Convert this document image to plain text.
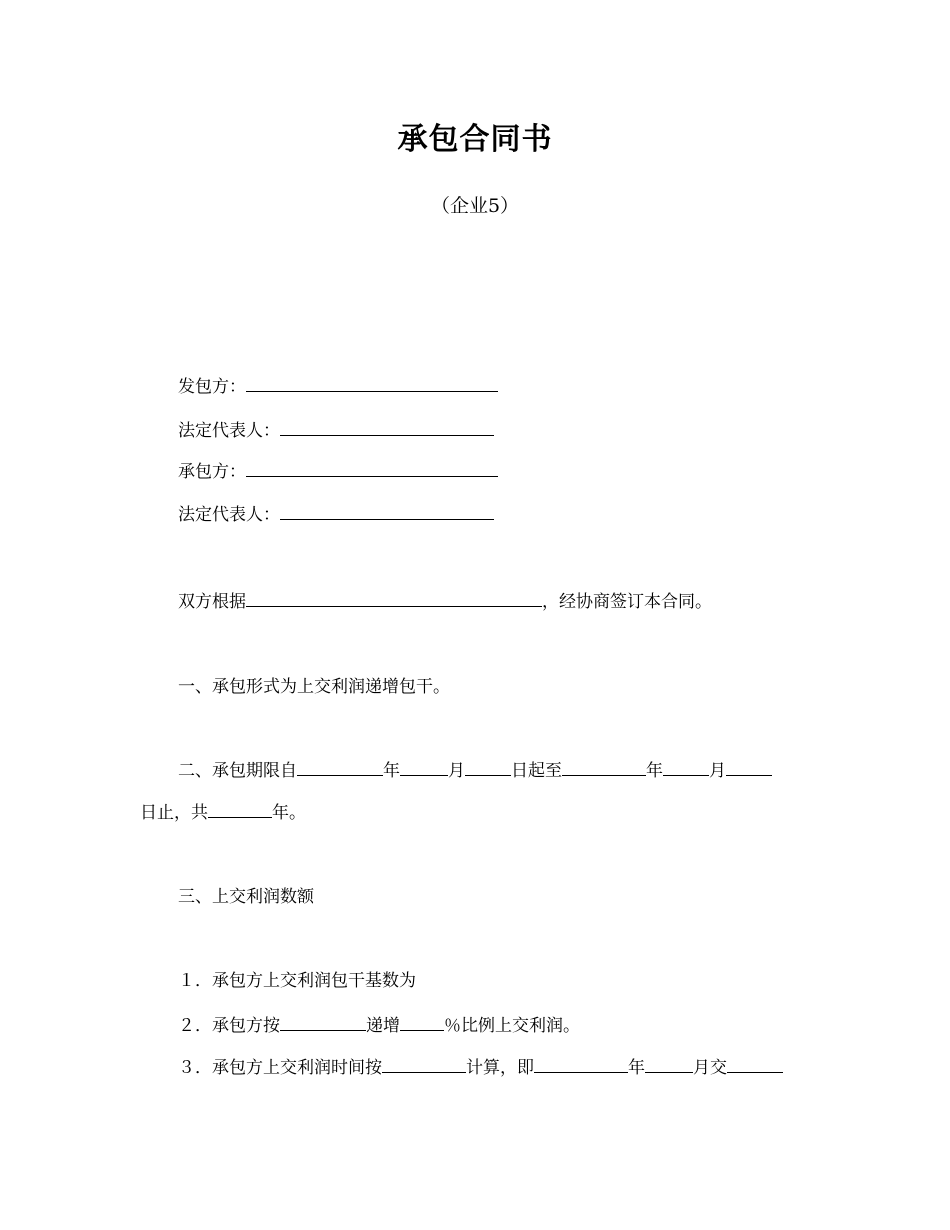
承包合同书
（企业5）
发包方：
法定代表人：
承包方：
法定代表人：
双方根据	，经协商签订本合同。
一、承包形式为上交利润递增包干。
二、承包期限自	年	月	日起至	年	月
日止，共	年。
三、上交利润数额
１．承包方上交利润包干基数为
２．承包方按	递增	％比例上交利润。
３．承包方上交利润时间按	计算，即	年	月交
